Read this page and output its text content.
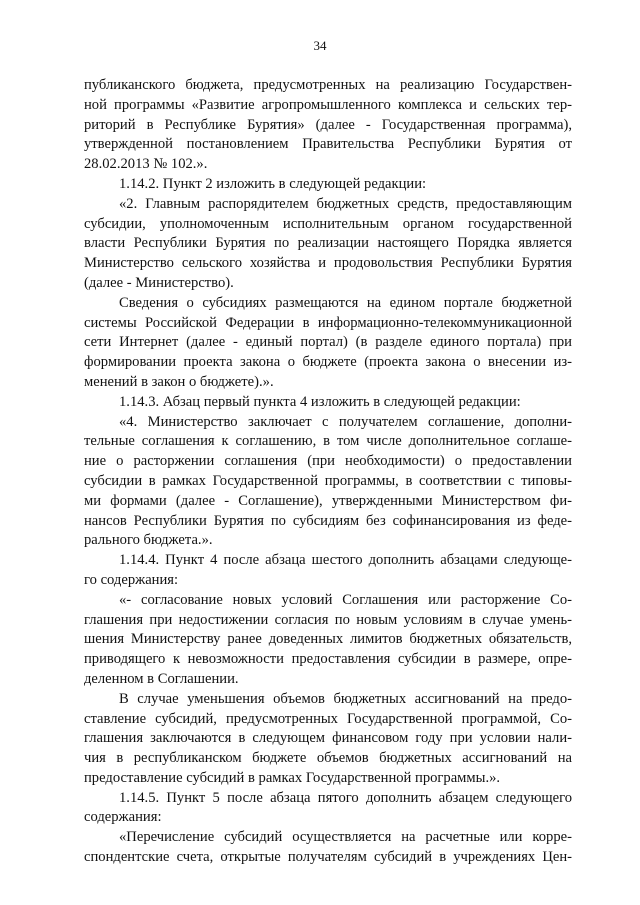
34
публиканского бюджета, предусмотренных на реализацию Государствен-
ной программы «Развитие агропромышленного комплекса и сельских тер-
риторий в Республике Бурятия» (далее - Государственная программа),
утвержденной постановлением Правительства Республики Бурятия от
28.02.2013 № 102.».
1.14.2. Пункт 2 изложить в следующей редакции:
«2. Главным распорядителем бюджетных средств, предоставляющим
субсидии, уполномоченным исполнительным органом государственной
власти Республики Бурятия по реализации настоящего Порядка является
Министерство сельского хозяйства и продовольствия Республики Бурятия
(далее - Министерство).
Сведения о субсидиях размещаются на едином портале бюджетной
системы Российской Федерации в информационно-телекоммуникационной
сети Интернет (далее - единый портал) (в разделе единого портала) при
формировании проекта закона о бюджете (проекта закона о внесении из-
менений в закон о бюджете).».
1.14.3. Абзац первый пункта 4 изложить в следующей редакции:
«4. Министерство заключает с получателем соглашение, дополни-
тельные соглашения к соглашению, в том числе дополнительное соглаше-
ние о расторжении соглашения (при необходимости) о предоставлении
субсидии в рамках Государственной программы, в соответствии с типовы-
ми формами (далее - Соглашение), утвержденными Министерством фи-
нансов Республики Бурятия по субсидиям без софинансирования из феде-
рального бюджета.».
1.14.4. Пункт 4 после абзаца шестого дополнить абзацами следующе-
го содержания:
«- согласование новых условий Соглашения или расторжение Со-
глашения при недостижении согласия по новым условиям в случае умень-
шения Министерству ранее доведенных лимитов бюджетных обязательств,
приводящего к невозможности предоставления субсидии в размере, опре-
деленном в Соглашении.
В случае уменьшения объемов бюджетных ассигнований на предо-
ставление субсидий, предусмотренных Государственной программой, Со-
глашения заключаются в следующем финансовом году при условии нали-
чия в республиканском бюджете объемов бюджетных ассигнований на
предоставление субсидий в рамках Государственной программы.».
1.14.5. Пункт 5 после абзаца пятого дополнить абзацем следующего
содержания:
«Перечисление субсидий осуществляется на расчетные или корре-
спондентские счета, открытые получателям субсидий в учреждениях Цен-
